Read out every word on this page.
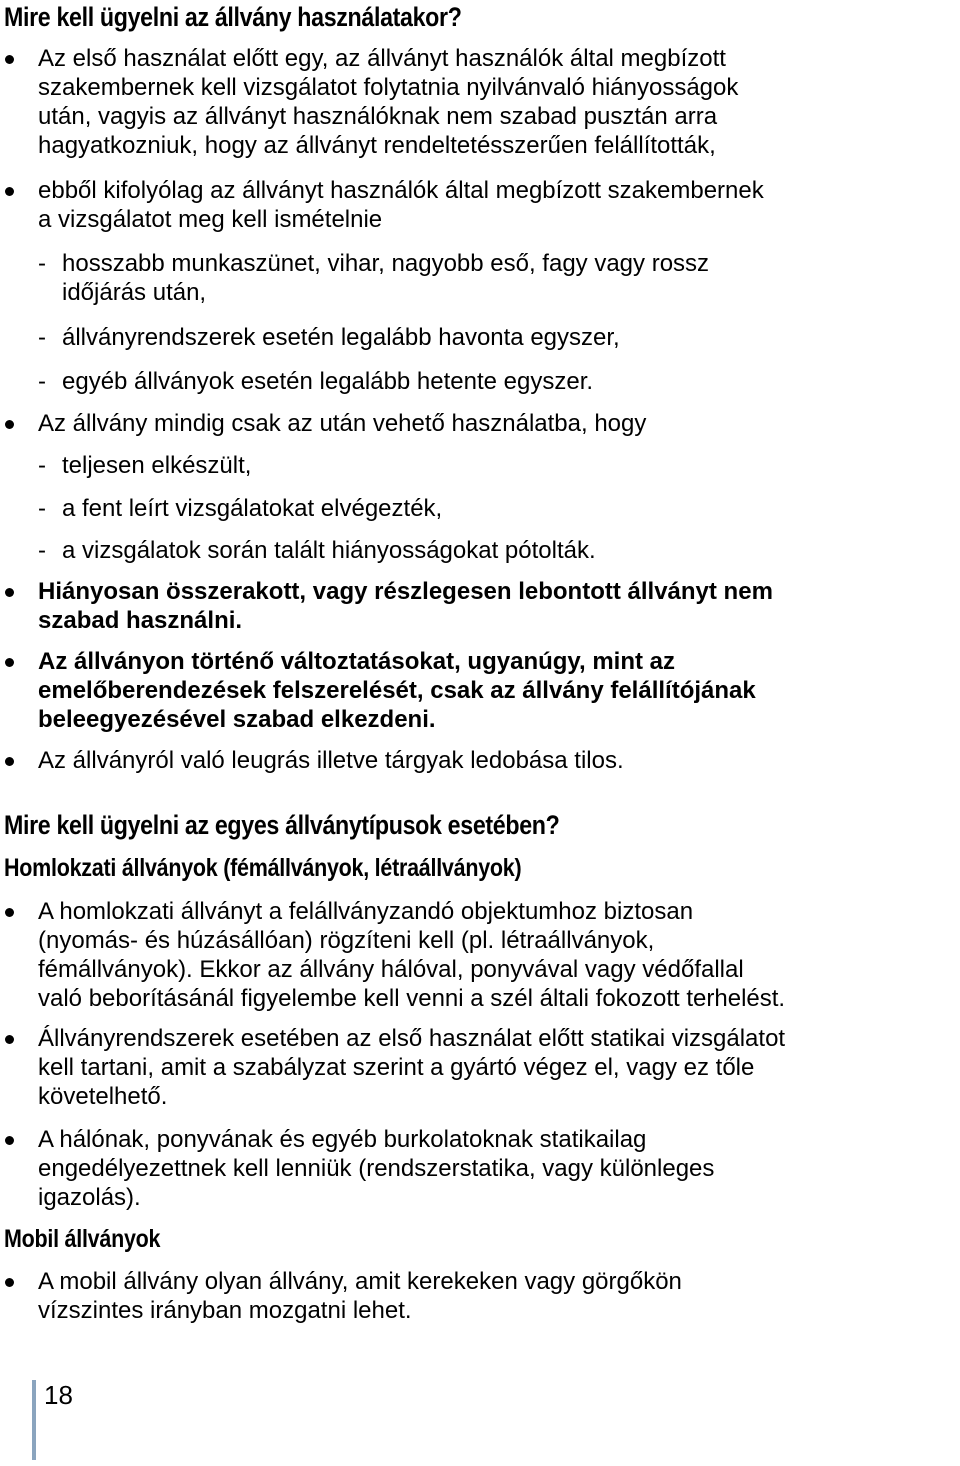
Mire kell ügyelni az állvány használatakor?

Az első használat előtt egy, az állványt használók által megbízott
szakembernek kell vizsgálatot folytatnia nyilvánvaló hiányosságok
után, vagyis az állványt használóknak nem szabad pusztán arra
hagyatkozniuk, hogy az állványt rendeltetésszerűen felállították,

ebből kifolyólag az állványt használók által megbízott szakembernek
a vizsgálatot meg kell ismételnie

- hosszabb munkaszünet, vihar, nagyobb eső, fagy vagy rossz
időjárás után,

- állványrendszerek esetén legalább havonta egyszer,

- egyéb állványok esetén legalább hetente egyszer.

Az állvány mindig csak az után vehető használatba, hogy

- teljesen elkészült,

- a fent leírt vizsgálatokat elvégezték,

- a vizsgálatok során talált hiányosságokat pótolták.

Hiányosan összerakott, vagy részlegesen lebontott állványt nem
szabad használni.

Az állványon történő változtatásokat, ugyanúgy, mint az
emelőberendezések felszerelését, csak az állvány felállítójának
beleegyezésével szabad elkezdeni.

Az állványról való leugrás illetve tárgyak ledobása tilos.

Mire kell ügyelni az egyes állványtípusok esetében?
Homlokzati állványok (fémállványok, létraállványok)

A homlokzati állványt a felállványzandó objektumhoz biztosan
(nyomás- és húzásállóan) rögzíteni kell (pl. létraállványok,
fémállványok). Ekkor az állvány hálóval, ponyvával vagy védőfallal
való beborításánál figyelembe kell venni a szél általi fokozott terhelést.

Állványrendszerek esetében az első használat előtt statikai vizsgálatot
kell tartani, amit a szabályzat szerint a gyártó végez el, vagy ez tőle
követelhető.

A hálónak, ponyvának és egyéb burkolatoknak statikailag
engedélyezettnek kell lenniük (rendszerstatika, vagy különleges
igazolás).

Mobil állványok

A mobil állvány olyan állvány, amit kerekeken vagy görgőkön
vízszintes irányban mozgatni lehet.

18
